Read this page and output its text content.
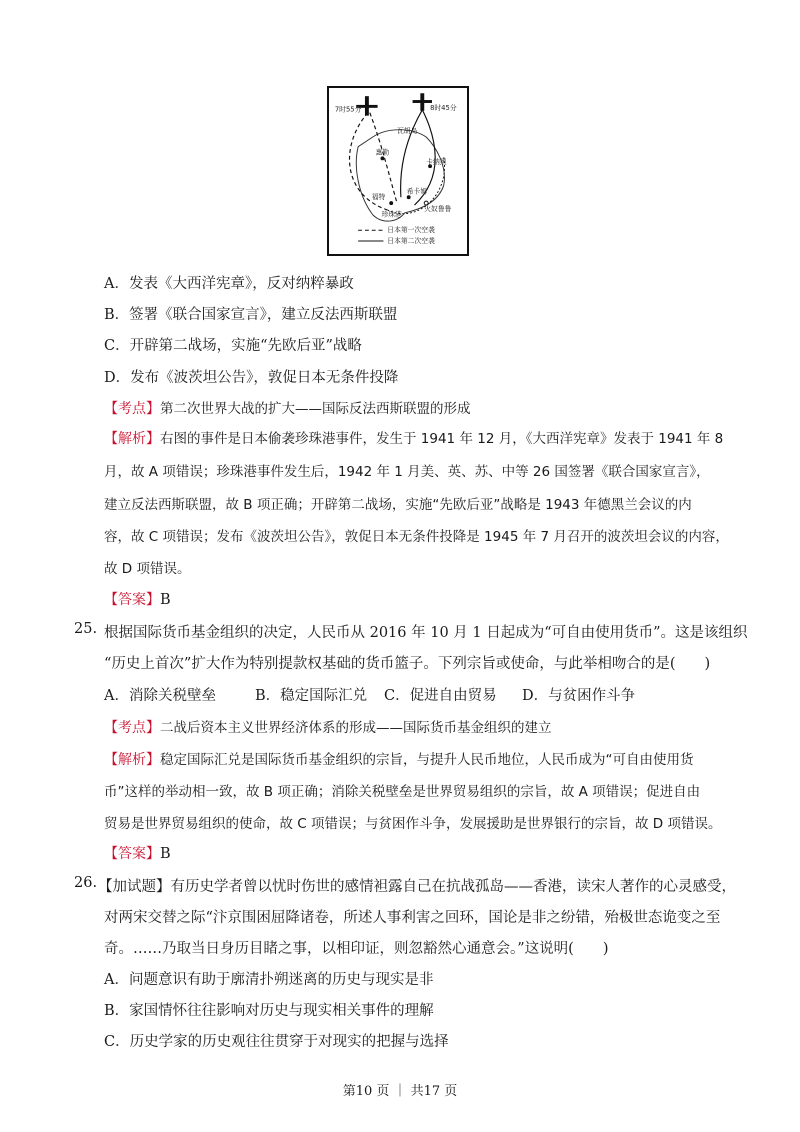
7时55分	8时45分
瓦胡岛
惠勒
卡纳黑
希卡姆
福特
火奴鲁鲁
珍珠港
日本第一次空袭
日本第二次空袭
A．发表《大西洋宪章》，反对纳粹暴政
B．签署《联合国家宣言》，建立反法西斯联盟
C．开辟第二战场，实施“先欧后亚”战略
D．发布《波茨坦公告》，敦促日本无条件投降
【考点】第二次世界大战的扩大——国际反法西斯联盟的形成
【解析】右图的事件是日本偷袭珍珠港事件，发生于 1941 年 12 月，《大西洋宪章》发表于 1941 年 8
月，故 A 项错误；珍珠港事件发生后，1942 年 1 月美、英、苏、中等 26 国签署《联合国家宣言》，
建立反法西斯联盟，故 B 项正确；开辟第二战场，实施“先欧后亚”战略是 1943 年德黑兰会议的内
容，故 C 项错误；发布《波茨坦公告》，敦促日本无条件投降是 1945 年 7 月召开的波茨坦会议的内容，
故 D 项错误。
【答案】B
25. 根据国际货币基金组织的决定，人民币从 2016 年 10 月 1 日起成为“可自由使用货币”。这是该组织
“历史上首次”扩大作为特别提款权基础的货币篮子。下列宗旨或使命，与此举相吻合的是(　　)
A．消除关税壁垒	B．稳定国际汇兑 C．促进自由贸易 D．与贫困作斗争
【考点】二战后资本主义世界经济体系的形成——国际货币基金组织的建立
【解析】稳定国际汇兑是国际货币基金组织的宗旨，与提升人民币地位，人民币成为“可自由使用货
币”这样的举动相一致，故 B 项正确；消除关税壁垒是世界贸易组织的宗旨，故 A 项错误；促进自由
贸易是世界贸易组织的使命，故 C 项错误；与贫困作斗争，发展援助是世界银行的宗旨，故 D 项错误。
【答案】B
26. 【加试题】有历史学者曾以忧时伤世的感情袒露自己在抗战孤岛——香港，读宋人著作的心灵感受，
对两宋交替之际“汴京围困屈降诸卷，所述人事利害之回环，国论是非之纷错，殆极世态诡变之至
奇。……乃取当日身历目睹之事，以相印证，则忽豁然心通意会。”这说明(　　)
A．问题意识有助于廓清扑朔迷离的历史与现实是非
B．家国情怀往往影响对历史与现实相关事件的理解
C．历史学家的历史观往往贯穿于对现实的把握与选择
第10 页 ｜ 共17 页
